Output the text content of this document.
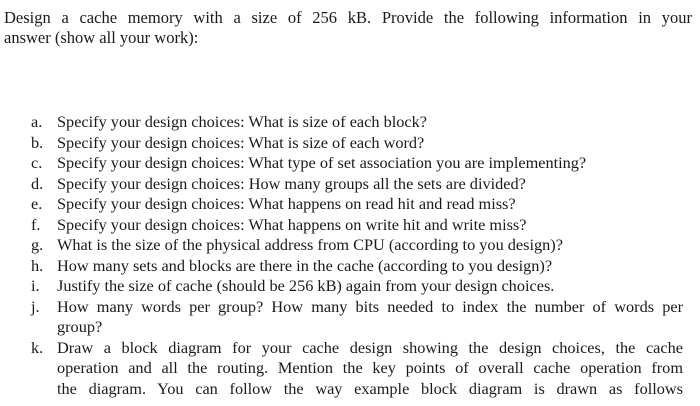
Design a cache memory with a size of 256 kB. Provide the following information in your
answer (show all your work):
a. Specify your design choices: What is size of each block?
b. Specify your design choices: What is size of each word?
c. Specify your design choices: What type of set association you are implementing?
d. Specify your design choices: How many groups all the sets are divided?
e. Specify your design choices: What happens on read hit and read miss?
f. Specify your design choices: What happens on write hit and write miss?
g. What is the size of the physical address from CPU (according to you design)?
h. How many sets and blocks are there in the cache (according to you design)?
i. Justify the size of cache (should be 256 kB) again from your design choices.
j. How many words per group? How many bits needed to index the number of words per
group?
k. Draw a block diagram for your cache design showing the design choices, the cache
operation and all the routing. Mention the key points of overall cache operation from
the diagram. You can follow the way example block diagram is drawn as follows
